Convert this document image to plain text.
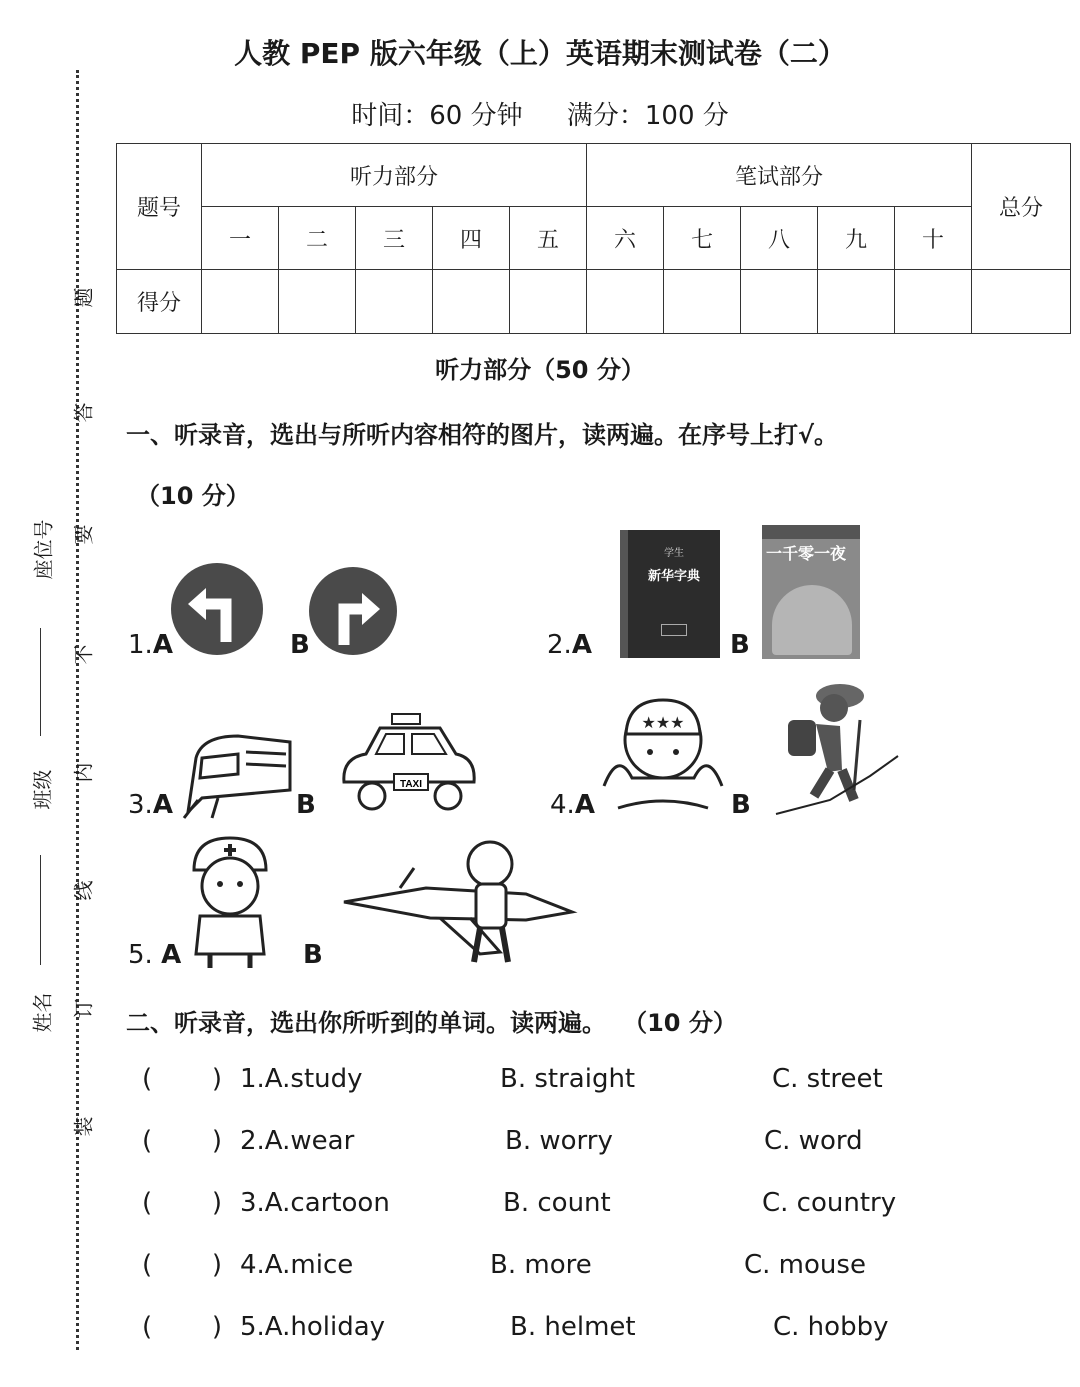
人教 PEP 版六年级（上）英语期末测试卷（二）
时间：60 分钟 满分：100 分
题
答
要
不
内
线
订
装
座位号
班级
姓名
题号	听力部分					笔试部分					总分
	一	二	三	四	五	六	七	八	九	十	
得分											
听力部分（50 分）
一、听录音，选出与所听内容相符的图片，读两遍。在序号上打√。
（10 分）
1.A	B	2.A
学生
新华字典
B
一千零一夜
3.A	B
TAXI
4.A
★★★
B
5. A	B
二、听录音，选出你所听到的单词。读两遍。 （10 分）
( ) 1.A.study	B. straight	C. street
( ) 2.A.wear	B. worry	C. word
( ) 3.A.cartoon	B. count	C. country
( ) 4.A.mice	B. more	C. mouse
( ) 5.A.holiday	B. helmet	C. hobby
